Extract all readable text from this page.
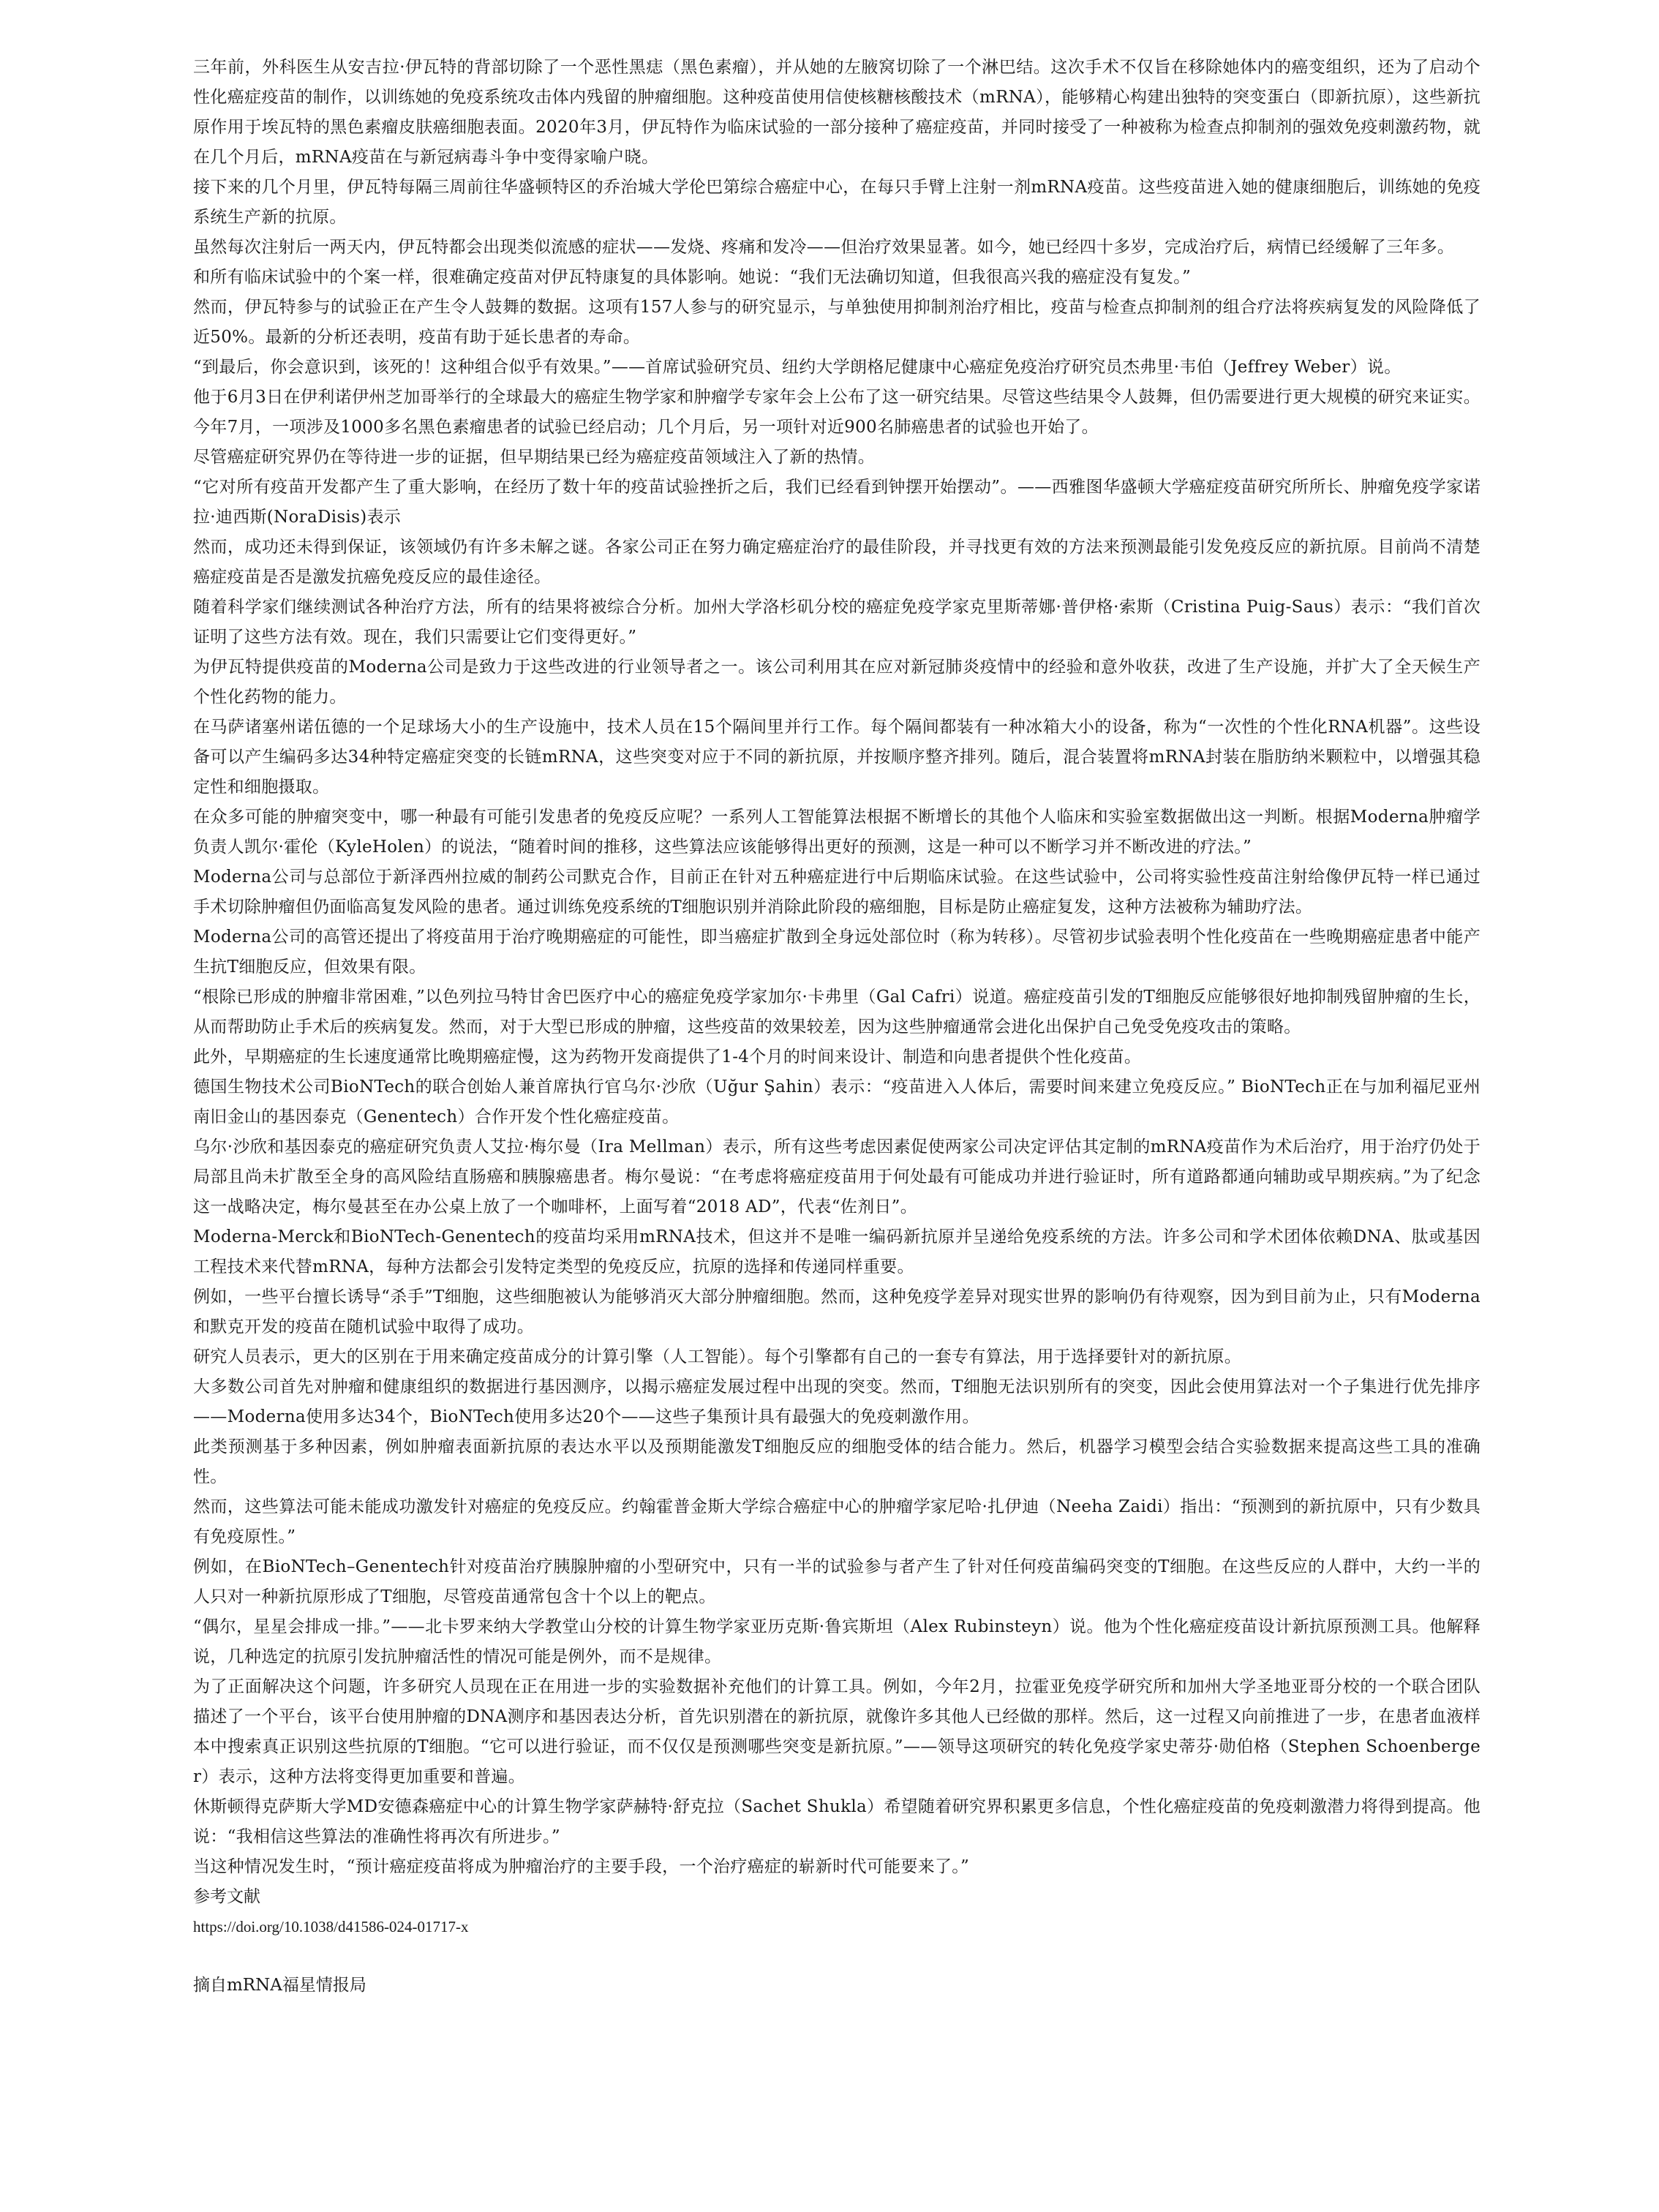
三年前，外科医生从安吉拉·伊瓦特的背部切除了一个恶性黑痣（黑色素瘤），并从她的左腋窝切除了一个淋巴结。这次手术不仅旨在移除她体内的癌变组织，还为了启动个性化癌症疫苗的制作，以训练她的免疫系统攻击体内残留的肿瘤细胞。这种疫苗使用信使核糖核酸技术（mRNA），能够精心构建出独特的突变蛋白（即新抗原），这些新抗原作用于埃瓦特的黑色素瘤皮肤癌细胞表面。2020年3月，伊瓦特作为临床试验的一部分接种了癌症疫苗，并同时接受了一种被称为检查点抑制剂的强效免疫刺激药物，就在几个月后，mRNA疫苗在与新冠病毒斗争中变得家喻户晓。

接下来的几个月里，伊瓦特每隔三周前往华盛顿特区的乔治城大学伦巴第综合癌症中心，在每只手臂上注射一剂mRNA疫苗。这些疫苗进入她的健康细胞后，训练她的免疫系统生产新的抗原。

虽然每次注射后一两天内，伊瓦特都会出现类似流感的症状——发烧、疼痛和发冷——但治疗效果显著。如今，她已经四十多岁，完成治疗后，病情已经缓解了三年多。

和所有临床试验中的个案一样，很难确定疫苗对伊瓦特康复的具体影响。她说：“我们无法确切知道，但我很高兴我的癌症没有复发。”

然而，伊瓦特参与的试验正在产生令人鼓舞的数据。这项有157人参与的研究显示，与单独使用抑制剂治疗相比，疫苗与检查点抑制剂的组合疗法将疾病复发的风险降低了近50%。最新的分析还表明，疫苗有助于延长患者的寿命。

“到最后，你会意识到，该死的！这种组合似乎有效果。”——首席试验研究员、纽约大学朗格尼健康中心癌症免疫治疗研究员杰弗里·韦伯（Jeffrey Weber）说。

他于6月3日在伊利诺伊州芝加哥举行的全球最大的癌症生物学家和肿瘤学专家年会上公布了这一研究结果。尽管这些结果令人鼓舞，但仍需要进行更大规模的研究来证实。今年7月，一项涉及1000多名黑色素瘤患者的试验已经启动；几个月后，另一项针对近900名肺癌患者的试验也开始了。

尽管癌症研究界仍在等待进一步的证据，但早期结果已经为癌症疫苗领域注入了新的热情。

“它对所有疫苗开发都产生了重大影响，在经历了数十年的疫苗试验挫折之后，我们已经看到钟摆开始摆动”。——西雅图华盛顿大学癌症疫苗研究所所长、肿瘤免疫学家诺拉·迪西斯(NoraDisis)表示

然而，成功还未得到保证，该领域仍有许多未解之谜。各家公司正在努力确定癌症治疗的最佳阶段，并寻找更有效的方法来预测最能引发免疫反应的新抗原。目前尚不清楚癌症疫苗是否是激发抗癌免疫反应的最佳途径。

随着科学家们继续测试各种治疗方法，所有的结果将被综合分析。加州大学洛杉矶分校的癌症免疫学家克里斯蒂娜·普伊格·索斯（Cristina Puig-Saus）表示：“我们首次证明了这些方法有效。现在，我们只需要让它们变得更好。”

为伊瓦特提供疫苗的Moderna公司是致力于这些改进的行业领导者之一。该公司利用其在应对新冠肺炎疫情中的经验和意外收获，改进了生产设施，并扩大了全天候生产个性化药物的能力。

在马萨诸塞州诺伍德的一个足球场大小的生产设施中，技术人员在15个隔间里并行工作。每个隔间都装有一种冰箱大小的设备，称为“一次性的个性化RNA机器”。这些设备可以产生编码多达34种特定癌症突变的长链mRNA，这些突变对应于不同的新抗原，并按顺序整齐排列。随后，混合装置将mRNA封装在脂肪纳米颗粒中，以增强其稳定性和细胞摄取。

在众多可能的肿瘤突变中，哪一种最有可能引发患者的免疫反应呢？一系列人工智能算法根据不断增长的其他个人临床和实验室数据做出这一判断。根据Moderna肿瘤学负责人凯尔·霍伦（KyleHolen）的说法，“随着时间的推移，这些算法应该能够得出更好的预测，这是一种可以不断学习并不断改进的疗法。”

Moderna公司与总部位于新泽西州拉威的制药公司默克合作，目前正在针对五种癌症进行中后期临床试验。在这些试验中，公司将实验性疫苗注射给像伊瓦特一样已通过手术切除肿瘤但仍面临高复发风险的患者。通过训练免疫系统的T细胞识别并消除此阶段的癌细胞，目标是防止癌症复发，这种方法被称为辅助疗法。

Moderna公司的高管还提出了将疫苗用于治疗晚期癌症的可能性，即当癌症扩散到全身远处部位时（称为转移）。尽管初步试验表明个性化疫苗在一些晚期癌症患者中能产生抗T细胞反应，但效果有限。

“根除已形成的肿瘤非常困难，”以色列拉马特甘舍巴医疗中心的癌症免疫学家加尔·卡弗里（Gal Cafri）说道。癌症疫苗引发的T细胞反应能够很好地抑制残留肿瘤的生长，从而帮助防止手术后的疾病复发。然而，对于大型已形成的肿瘤，这些疫苗的效果较差，因为这些肿瘤通常会进化出保护自己免受免疫攻击的策略。

此外，早期癌症的生长速度通常比晚期癌症慢，这为药物开发商提供了1-4个月的时间来设计、制造和向患者提供个性化疫苗。

德国生物技术公司BioNTech的联合创始人兼首席执行官乌尔·沙欣（Uğur Şahin）表示：“疫苗进入人体后，需要时间来建立免疫反应。” BioNTech正在与加利福尼亚州南旧金山的基因泰克（Genentech）合作开发个性化癌症疫苗。

乌尔·沙欣和基因泰克的癌症研究负责人艾拉·梅尔曼（Ira Mellman）表示，所有这些考虑因素促使两家公司决定评估其定制的mRNA疫苗作为术后治疗，用于治疗仍处于局部且尚未扩散至全身的高风险结直肠癌和胰腺癌患者。梅尔曼说：“在考虑将癌症疫苗用于何处最有可能成功并进行验证时，所有道路都通向辅助或早期疾病。”为了纪念这一战略决定，梅尔曼甚至在办公桌上放了一个咖啡杯，上面写着“2018 AD”，代表“佐剂日”。

Moderna-Merck和BioNTech-Genentech的疫苗均采用mRNA技术，但这并不是唯一编码新抗原并呈递给免疫系统的方法。许多公司和学术团体依赖DNA、肽或基因工程技术来代替mRNA，每种方法都会引发特定类型的免疫反应，抗原的选择和传递同样重要。

例如，一些平台擅长诱导“杀手”T细胞，这些细胞被认为能够消灭大部分肿瘤细胞。然而，这种免疫学差异对现实世界的影响仍有待观察，因为到目前为止，只有Moderna和默克开发的疫苗在随机试验中取得了成功。

研究人员表示，更大的区别在于用来确定疫苗成分的计算引擎（人工智能）。每个引擎都有自己的一套专有算法，用于选择要针对的新抗原。

大多数公司首先对肿瘤和健康组织的数据进行基因测序，以揭示癌症发展过程中出现的突变。然而，T细胞无法识别所有的突变，因此会使用算法对一个子集进行优先排序——Moderna使用多达34个，BioNTech使用多达20个——这些子集预计具有最强大的免疫刺激作用。

此类预测基于多种因素，例如肿瘤表面新抗原的表达水平以及预期能激发T细胞反应的细胞受体的结合能力。然后，机器学习模型会结合实验数据来提高这些工具的准确性。

然而，这些算法可能未能成功激发针对癌症的免疫反应。约翰霍普金斯大学综合癌症中心的肿瘤学家尼哈·扎伊迪（Neeha Zaidi）指出：“预测到的新抗原中，只有少数具有免疫原性。”

例如，在BioNTech–Genentech针对疫苗治疗胰腺肿瘤的小型研究中，只有一半的试验参与者产生了针对任何疫苗编码突变的T细胞。在这些反应的人群中，大约一半的人只对一种新抗原形成了T细胞，尽管疫苗通常包含十个以上的靶点。

“偶尔，星星会排成一排。”——北卡罗来纳大学教堂山分校的计算生物学家亚历克斯·鲁宾斯坦（Alex Rubinsteyn）说。他为个性化癌症疫苗设计新抗原预测工具。他解释说，几种选定的抗原引发抗肿瘤活性的情况可能是例外，而不是规律。

为了正面解决这个问题，许多研究人员现在正在用进一步的实验数据补充他们的计算工具。例如，今年2月，拉霍亚免疫学研究所和加州大学圣地亚哥分校的一个联合团队描述了一个平台，该平台使用肿瘤的DNA测序和基因表达分析，首先识别潜在的新抗原，就像许多其他人已经做的那样。然后，这一过程又向前推进了一步，在患者血液样本中搜索真正识别这些抗原的T细胞。“它可以进行验证，而不仅仅是预测哪些突变是新抗原。”——领导这项研究的转化免疫学家史蒂芬·勋伯格（Stephen Schoenberger）表示，这种方法将变得更加重要和普遍。

休斯顿得克萨斯大学MD安德森癌症中心的计算生物学家萨赫特·舒克拉（Sachet Shukla）希望随着研究界积累更多信息，个性化癌症疫苗的免疫刺激潜力将得到提高。他说：“我相信这些算法的准确性将再次有所进步。”

当这种情况发生时，“预计癌症疫苗将成为肿瘤治疗的主要手段，一个治疗癌症的崭新时代可能要来了。”

参考文献

https://doi.org/10.1038/d41586-024-01717-x

摘自mRNA福星情报局
